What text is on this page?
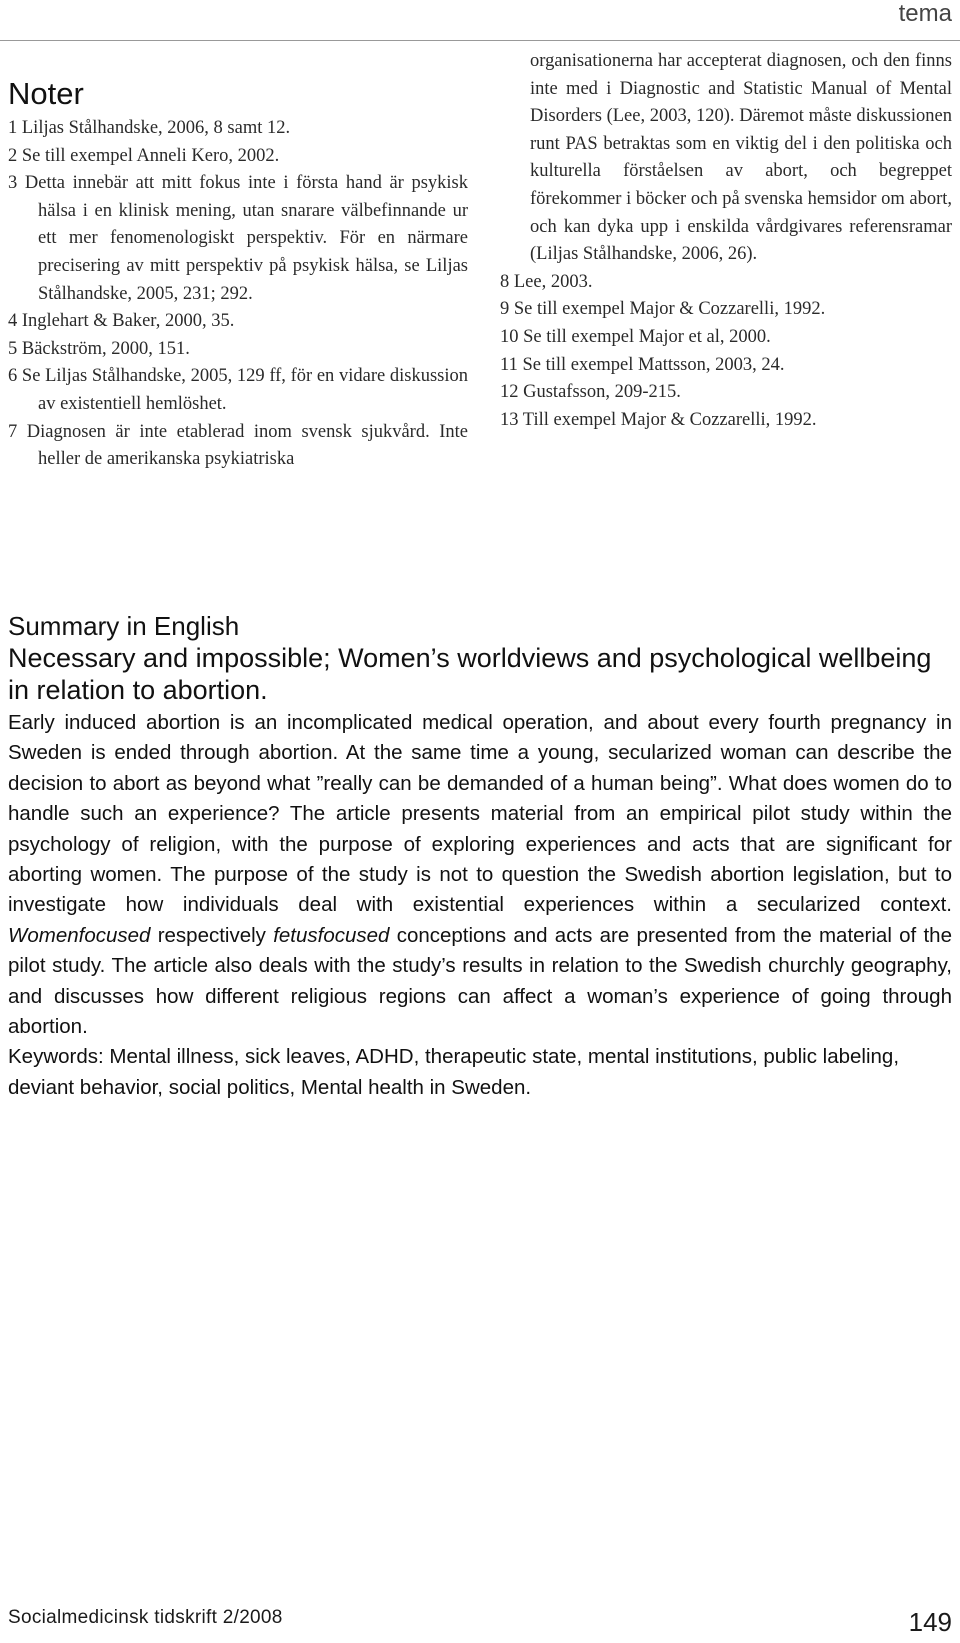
tema
Noter

1 Liljas Stålhandske, 2006, 8 samt 12.

2 Se till exempel Anneli Kero, 2002.

3 Detta innebär att mitt fokus inte i första hand är psykisk hälsa i en klinisk mening, utan snarare välbefinnande ur ett mer fenomenologiskt perspektiv. För en närmare precisering av mitt perspektiv på psykisk hälsa, se Liljas Stålhandske, 2005, 231; 292.

4 Inglehart & Baker, 2000, 35.

5 Bäckström, 2000, 151.

6 Se Liljas Stålhandske, 2005, 129 ff, för en vidare diskussion av existentiell hemlöshet.

7 Diagnosen är inte etablerad inom svensk sjukvård. Inte heller de amerikanska psykiatriska

organisationerna har accepterat diagnosen, och den finns inte med i Diagnostic and Statistic Manual of Mental Disorders (Lee, 2003, 120). Däremot måste diskussionen runt PAS betraktas som en viktig del i den politiska och kulturella förståelsen av abort, och begreppet förekommer i böcker och på svenska hemsidor om abort, och kan dyka upp i enskilda vårdgivares referensramar (Liljas Stålhandske, 2006, 26).

8 Lee, 2003.

9 Se till exempel Major & Cozzarelli, 1992.

10 Se till exempel Major et al, 2000.

11 Se till exempel Mattsson, 2003, 24.

12 Gustafsson, 209-215.

13 Till exempel Major & Cozzarelli, 1992.

Summary in English

Necessary and impossible; Women’s worldviews and psychological wellbeing in relation to abortion.

Early induced abortion is an incomplicated medical operation, and about every fourth pregnancy in Sweden is ended through abortion. At the same time a young, secularized woman can describe the decision to abort as beyond what ”really can be demanded of a human being”. What does women do to handle such an experience? The article presents material from an empirical pilot study within the psychology of religion, with the purpose of exploring experiences and acts that are significant for aborting women. The purpose of the study is not to question the Swedish abortion legislation, but to investigate how individuals deal with existential experiences within a secularized context. Womenfocused respectively fetusfocused conceptions and acts are presented from the material of the pilot study. The article also deals with the study’s results in relation to the Swedish churchly geography, and discusses how different religious regions can affect a woman’s experience of going through abortion.

Keywords: Mental illness, sick leaves, ADHD, therapeutic state, mental institutions, public labeling, deviant behavior, social politics, Mental health in Sweden.

Socialmedicinsk tidskrift 2/2008	149
